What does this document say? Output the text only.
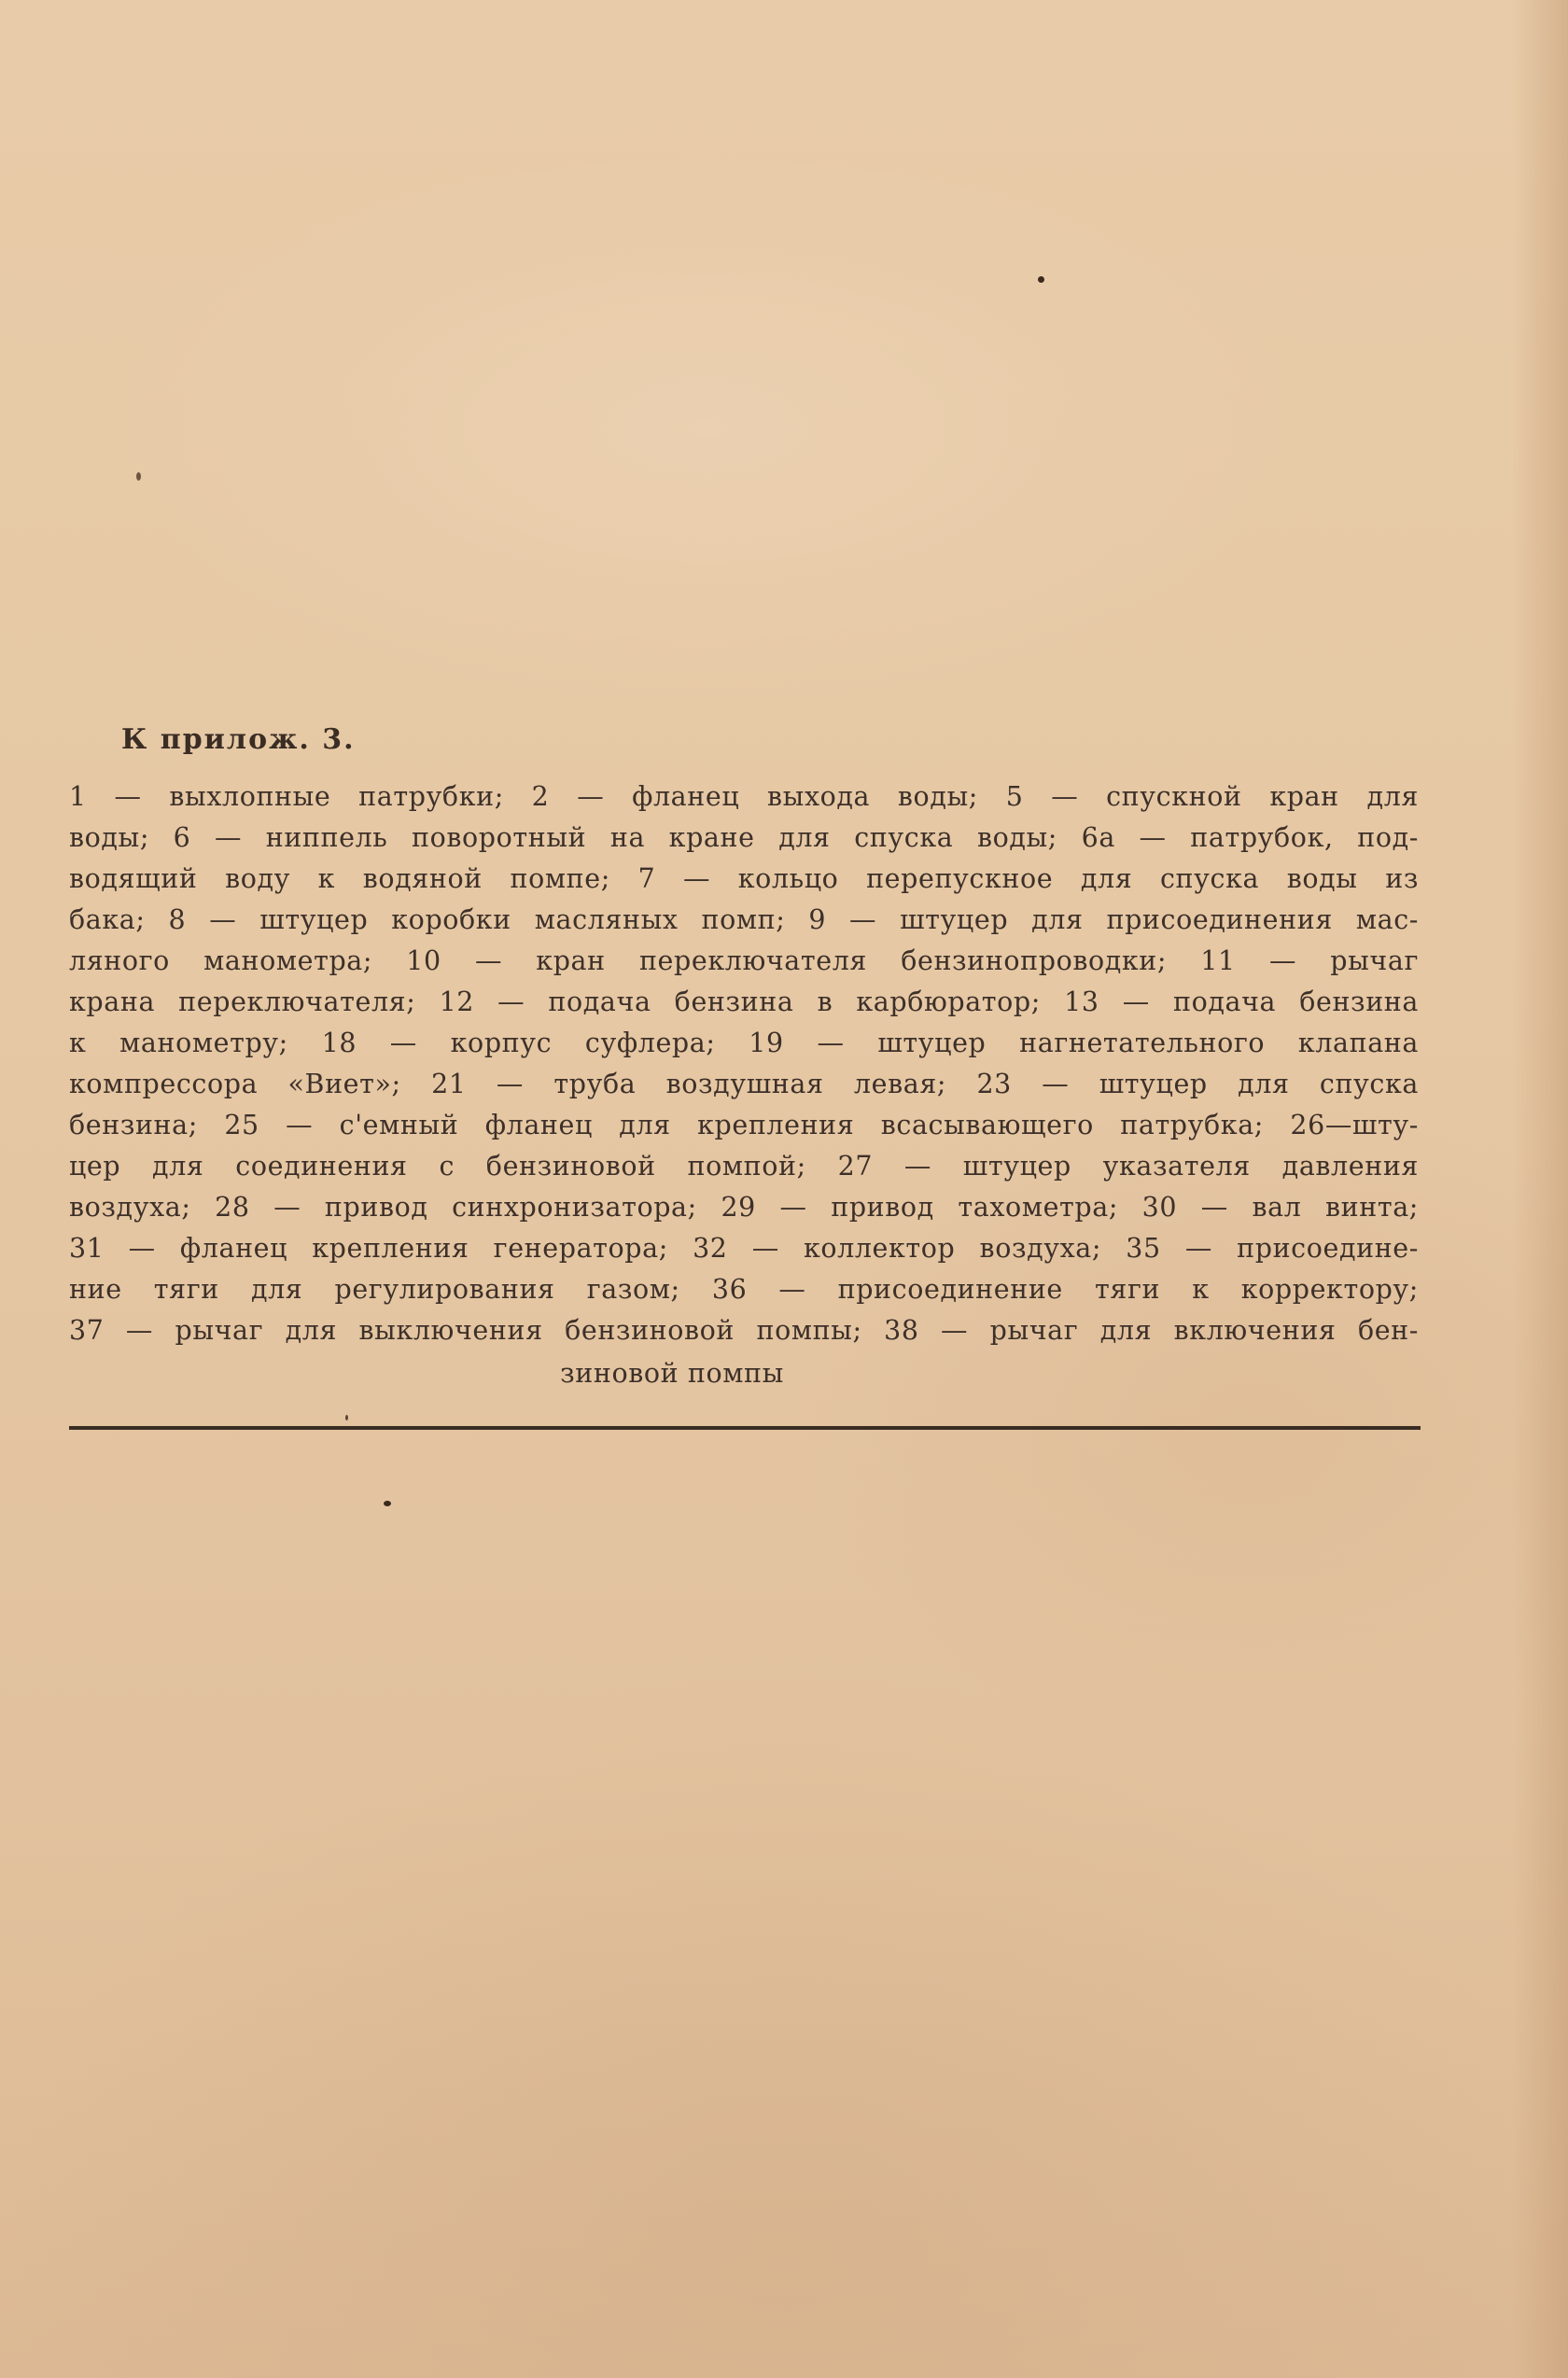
К прилож. 3.
1 — выхлопные патрубки; 2 — фланец выхода воды; 5 — спускной кран для
воды; 6 — ниппель поворотный на кране для спуска воды; 6а — патрубок, под-
водящий воду к водяной помпе; 7 — кольцо перепускное для спуска воды из
бака; 8 — штуцер коробки масляных помп; 9 — штуцер для присоединения мас-
ляного манометра; 10 — кран переключателя бензинопроводки; 11 — рычаг
крана переключателя; 12 — подача бензина в карбюратор; 13 — подача бензина
к манометру; 18 — корпус суфлера; 19 — штуцер нагнетательного клапана
компрессора «Виет»; 21 — труба воздушная левая; 23 — штуцер для спуска
бензина; 25 — с'емный фланец для крепления всасывающего патрубка; 26—шту-
цер для соединения с бензиновой помпой; 27 — штуцер указателя давления
воздуха; 28 — привод синхронизатора; 29 — привод тахометра; 30 — вал винта;
31 — фланец крепления генератора; 32 — коллектор воздуха; 35 — присоедине-
ние тяги для регулирования газом; 36 — присоединение тяги к корректору;
37 — рычаг для выключения бензиновой помпы; 38 — рычаг для включения бен-
зиновой помпы
